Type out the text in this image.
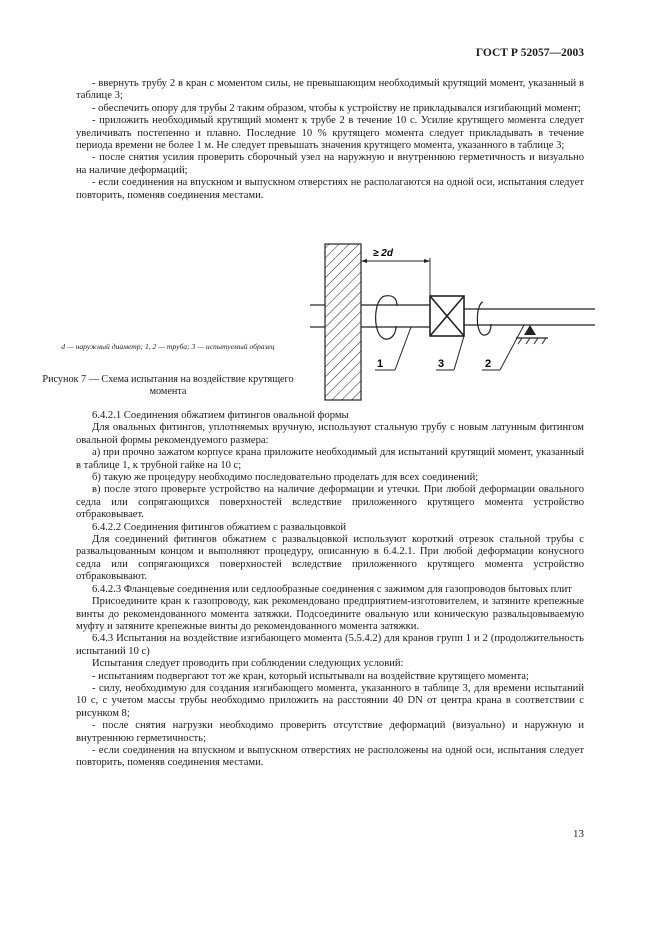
ГОСТ Р 52057—2003

- ввернуть трубу 2 в кран с моментом силы, не превышающим необходимый крутящий момент, указанный в таблице 3;

- обеспечить опору для трубы 2 таким образом, чтобы к устройству не прикладывался изгибающий момент;

- приложить необходимый крутящий момент к трубе 2 в течение 10 с. Усилие крутящего момента следует увеличивать постепенно и плавно. Последние 10 % крутящего момента следует прикладывать в течение периода времени не более 1 м. Не следует превышать значения крутящего момента, указанного в таблице 3;

- после снятия усилия проверить сборочный узел на наружную и внутреннюю герметичность и визуально на наличие деформаций;

- если соединения на впускном и выпускном отверстиях не располагаются на одной оси, испытания следует повторить, поменяв соединения местами.

≥ 2d
1	3	2
d — наружный диаметр; 1, 2 — труба; 3 — испытуемый образец
Рисунок 7 — Схема испытания на воздействие крутящего момента

6.4.2.1 Соединения обжатием фитингов овальной формы

Для овальных фитингов, уплотняемых вручную, используют стальную трубу с новым латунным фитингом овальной формы рекомендуемого размера:

а) при прочно зажатом корпусе крана приложите необходимый для испытаний крутящий момент, указанный в таблице 1, к трубной гайке на 10 с;

б) такую же процедуру необходимо последовательно проделать для всех соединений;

в) после этого проверьте устройство на наличие деформации и утечки. При любой деформации овального седла или сопрягающихся поверхностей вследствие приложенного крутящего момента устройство отбраковывает.

6.4.2.2 Соединения фитингов обжатием с развальцовкой

Для соединений фитингов обжатием с развальцовкой используют короткий отрезок стальной трубы с развальцованным концом и выполняют процедуру, описанную в 6.4.2.1. При любой деформации конусного седла или сопрягающихся поверхностей вследствие приложенного крутящего момента устройство отбраковывают.

6.4.2.3 Фланцевые соединения или седлообразные соединения с зажимом для газопроводов бытовых плит

Присоедините кран к газопроводу, как рекомендовано предприятием-изготовителем, и затяните крепежные винты до рекомендованного момента затяжки. Подсоедините овальную или коническую развальцовываемую муфту и затяните крепежные винты до рекомендованного момента затяжки.

6.4.3 Испытания на воздействие изгибающего момента (5.5.4.2) для кранов групп 1 и 2 (продолжительность испытаний 10 с)

Испытания следует проводить при соблюдении следующих условий:

- испытаниям подвергают тот же кран, который испытывали на воздействие крутящего момента;

- силу, необходимую для создания изгибающего момента, указанного в таблице 3, для времени испытаний 10 с, с учетом массы трубы необходимо приложить на расстоянии 40 DN от центра крана в соответствии с рисунком 8;

- после снятия нагрузки необходимо проверить отсутствие деформаций (визуально) и наружную и внутреннюю герметичность;

- если соединения на впускном и выпускном отверстиях не расположены на одной оси, испытания следует повторить, поменяв соединения местами.

13
